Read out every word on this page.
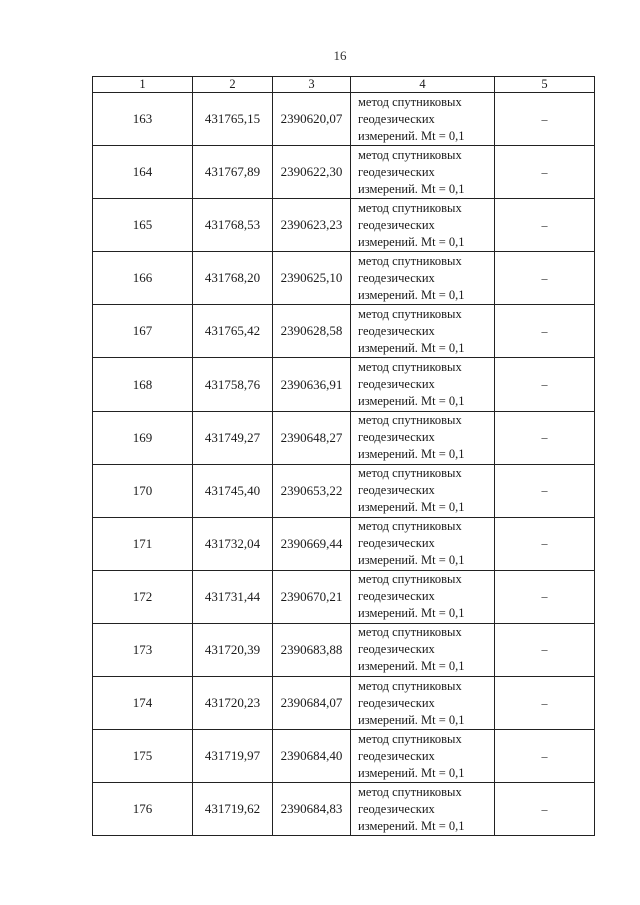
16
1	2	3	4	5
163	431765,15	2390620,07	метод спутниковых геодезических измерений. Mt = 0,1	–
164	431767,89	2390622,30	метод спутниковых геодезических измерений. Mt = 0,1	–
165	431768,53	2390623,23	метод спутниковых геодезических измерений. Mt = 0,1	–
166	431768,20	2390625,10	метод спутниковых геодезических измерений. Mt = 0,1	–
167	431765,42	2390628,58	метод спутниковых геодезических измерений. Mt = 0,1	–
168	431758,76	2390636,91	метод спутниковых геодезических измерений. Mt = 0,1	–
169	431749,27	2390648,27	метод спутниковых геодезических измерений. Mt = 0,1	–
170	431745,40	2390653,22	метод спутниковых геодезических измерений. Mt = 0,1	–
171	431732,04	2390669,44	метод спутниковых геодезических измерений. Mt = 0,1	–
172	431731,44	2390670,21	метод спутниковых геодезических измерений. Mt = 0,1	–
173	431720,39	2390683,88	метод спутниковых геодезических измерений. Mt = 0,1	–
174	431720,23	2390684,07	метод спутниковых геодезических измерений. Mt = 0,1	–
175	431719,97	2390684,40	метод спутниковых геодезических измерений. Mt = 0,1	–
176	431719,62	2390684,83	метод спутниковых геодезических измерений. Mt = 0,1	–
